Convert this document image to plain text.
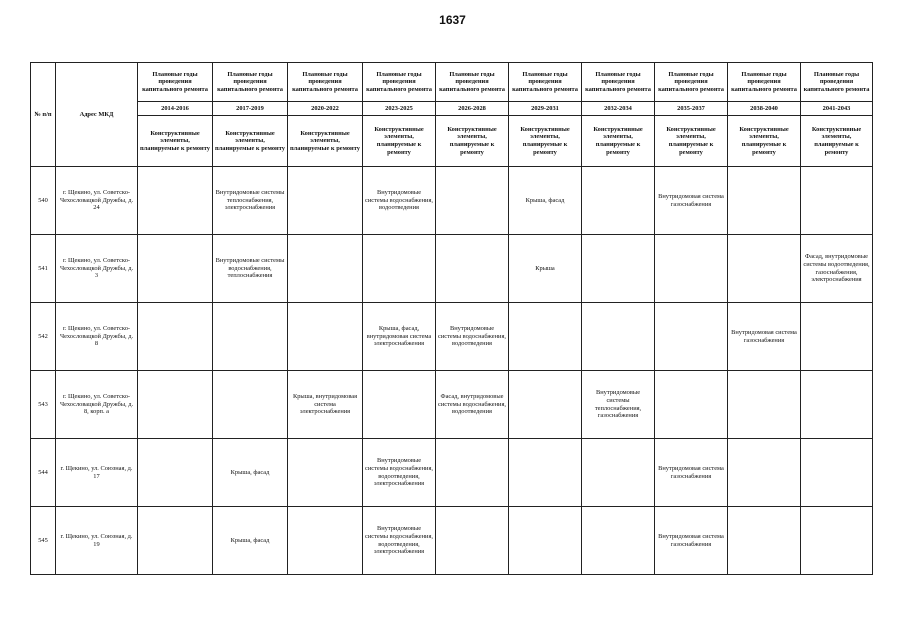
1637
№ п/п	Адрес МКД	Плановые годы проведения капитального ремонта	Плановые годы проведения капитального ремонта	Плановые годы проведения капитального ремонта	Плановые годы проведения капитального ремонта	Плановые годы проведения капитального ремонта	Плановые годы проведения капитального ремонта	Плановые годы проведения капитального ремонта	Плановые годы проведения капитального ремонта	Плановые годы проведения капитального ремонта	Плановые годы проведения капитального ремонта
		2014-2016	2017-2019	2020-2022	2023-2025	2026-2028	2029-2031	2032-2034	2035-2037	2038-2040	2041-2043
		Конструктивные элементы, планируемые к ремонту	Конструктивные элементы, планируемые к ремонту	Конструктивные элементы, планируемые к ремонту	Конструктивные элементы, планируемые к ремонту	Конструктивные элементы, планируемые к ремонту	Конструктивные элементы, планируемые к ремонту	Конструктивные элементы, планируемые к ремонту	Конструктивные элементы, планируемые к ремонту	Конструктивные элементы, планируемые к ремонту	Конструктивные элементы, планируемые к ремонту
540	г. Щекино, ул. Советско-Чехословацкой Дружбы, д. 24		Внутридомовые системы теплоснабжения, электроснабжения		Внутридомовые системы водоснабжения, водоотведения		Крыша, фасад		Внутридомовая система газоснабжения		
541	г. Щекино, ул. Советско-Чехословацкой Дружбы, д. 3		Внутридомовые системы водоснабжения, теплоснабжения				Крыша				Фасад, внутридомовые системы водоотведения, газоснабжения, электроснабжения
542	г. Щекино, ул. Советско-Чехословацкой Дружбы, д. 8				Крыша, фасад, внутридомовая система электроснабжения	Внутридомовые системы водоснабжения, водоотведения				Внутридомовая система газоснабжения	
543	г. Щекино, ул. Советско-Чехословацкой Дружбы, д. 8, корп. а			Крыша, внутридомовая система электроснабжения		Фасад, внутридомовые системы водоснабжения, водоотведения		Внутридомовые системы теплоснабжения, газоснабжения			
544	г. Щекино, ул. Союзная, д. 17		Крыша, фасад		Внутридомовые системы водоснабжения, водоотведения, электроснабжения				Внутридомовая система газоснабжения		
545	г. Щекино, ул. Союзная, д. 19		Крыша, фасад		Внутридомовые системы водоснабжения, водоотведения, электроснабжения				Внутридомовая система газоснабжения		
